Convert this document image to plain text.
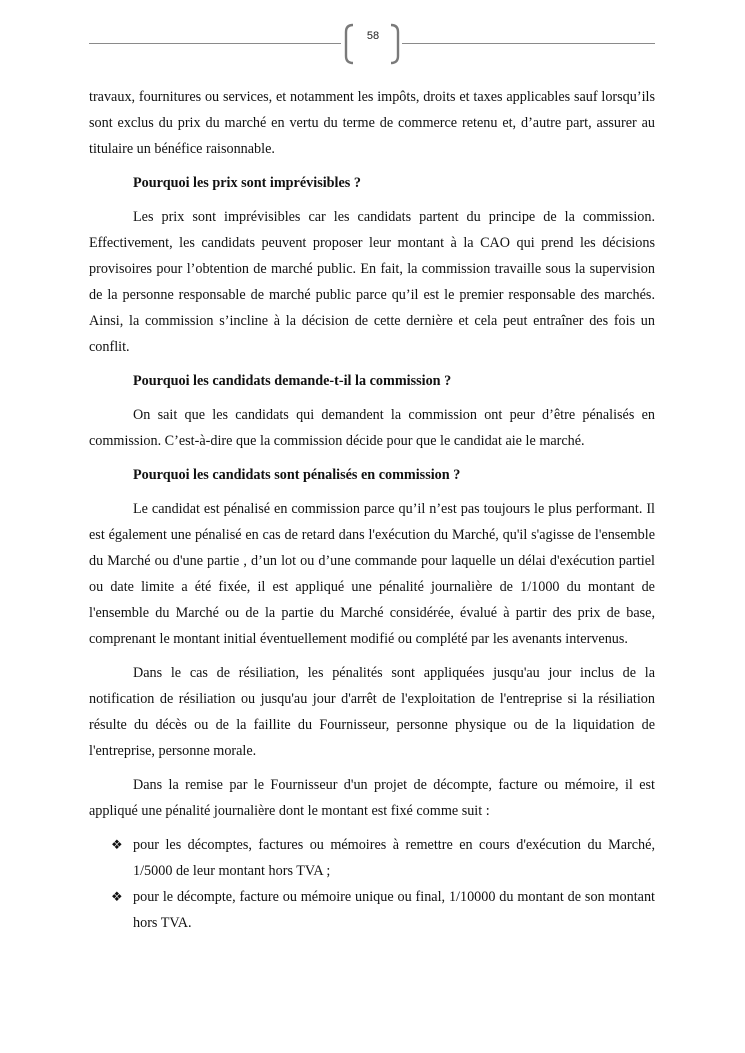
58

travaux, fournitures ou services, et notamment les impôts, droits et taxes applicables sauf lorsqu’ils sont exclus du prix du marché en vertu du terme de commerce retenu et, d’autre part, assurer au titulaire un bénéfice raisonnable.

Pourquoi les prix sont imprévisibles ?

Les prix sont imprévisibles car les candidats partent du principe de la commission. Effectivement, les candidats peuvent proposer leur montant à la CAO qui prend les décisions provisoires pour l’obtention de marché public. En fait, la commission travaille sous la supervision de la personne responsable de marché public parce qu’il est le premier responsable des marchés. Ainsi, la commission s’incline à la décision de cette dernière et cela peut entraîner des fois un conflit.

Pourquoi les candidats demande-t-il la commission ?

On sait que les candidats qui demandent la commission ont peur d’être pénalisés en commission. C’est-à-dire que la commission décide pour que le candidat aie le marché.

Pourquoi les candidats sont pénalisés en commission ?

Le candidat est pénalisé en commission parce qu’il n’est pas toujours le plus performant. Il est également une pénalisé en cas de retard dans l'exécution du Marché, qu'il s'agisse de l'ensemble du Marché ou d'une partie , d’un lot ou d’une commande pour laquelle un délai d'exécution partiel ou date limite a été fixée, il est appliqué une pénalité journalière de 1/1000 du montant de l'ensemble du Marché ou de la partie du Marché considérée, évalué à partir des prix de base, comprenant le montant initial éventuellement modifié ou complété par les avenants intervenus.

Dans le cas de résiliation, les pénalités sont appliquées jusqu'au jour inclus de la notification de résiliation ou jusqu'au jour d'arrêt de l'exploitation de l'entreprise si la résiliation résulte du décès ou de la faillite du Fournisseur, personne physique ou de la liquidation de l'entreprise, personne morale.

Dans la remise par le Fournisseur d'un projet de décompte, facture ou mémoire, il est appliqué une pénalité journalière dont le montant est fixé comme suit :

❖ pour les décomptes, factures ou mémoires à remettre en cours d'exécution du Marché, 1/5000 de leur montant hors TVA ;
❖ pour le décompte, facture ou mémoire unique ou final, 1/10000 du montant de son montant hors TVA.
